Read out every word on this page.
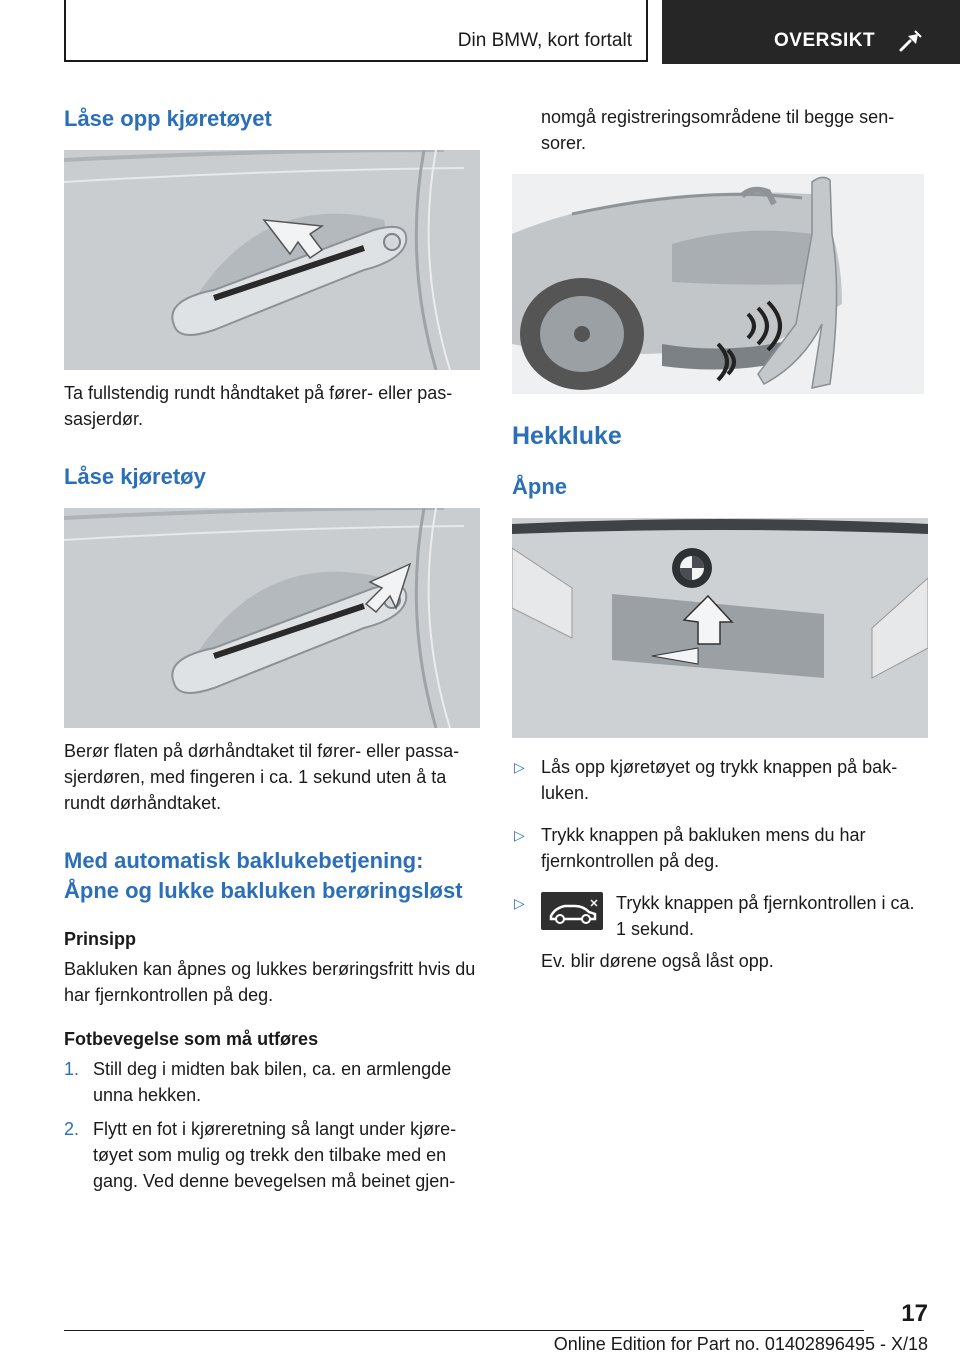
Din BMW, kort fortalt	OVERSIKT
Låse opp kjøretøyet

Ta fullstendig rundt håndtaket på fører- eller pas-sasjerdør.

Låse kjøretøy

Berør flaten på dørhåndtaket til fører- eller passa-sjerdøren, med fingeren i ca. 1 sekund uten å ta rundt dørhåndtaket.

Med automatisk baklukebetjening: Åpne og lukke bakluken berøringsløst
Prinsipp

Bakluken kan åpnes og lukkes berøringsfritt hvis du har fjernkontrollen på deg.

Fotbevegelse som må utføres
1. Still deg i midten bak bilen, ca. en armlengde unna hekken.
2. Flytt en fot i kjøreretning så langt under kjøre-tøyet som mulig og trekk den tilbake med en gang. Ved denne bevegelsen må beinet gjen-

nomgå registreringsområdene til begge sen-sorer.

Hekkluke
Åpne
▷ Lås opp kjøretøyet og trykk knappen på bak-luken.
▷ Trykk knappen på bakluken mens du har fjernkontrollen på deg.
▷	Trykk knappen på fjernkontrollen i ca. 1 sekund.

Ev. blir dørene også låst opp.

17
Online Edition for Part no. 01402896495 - X/18
